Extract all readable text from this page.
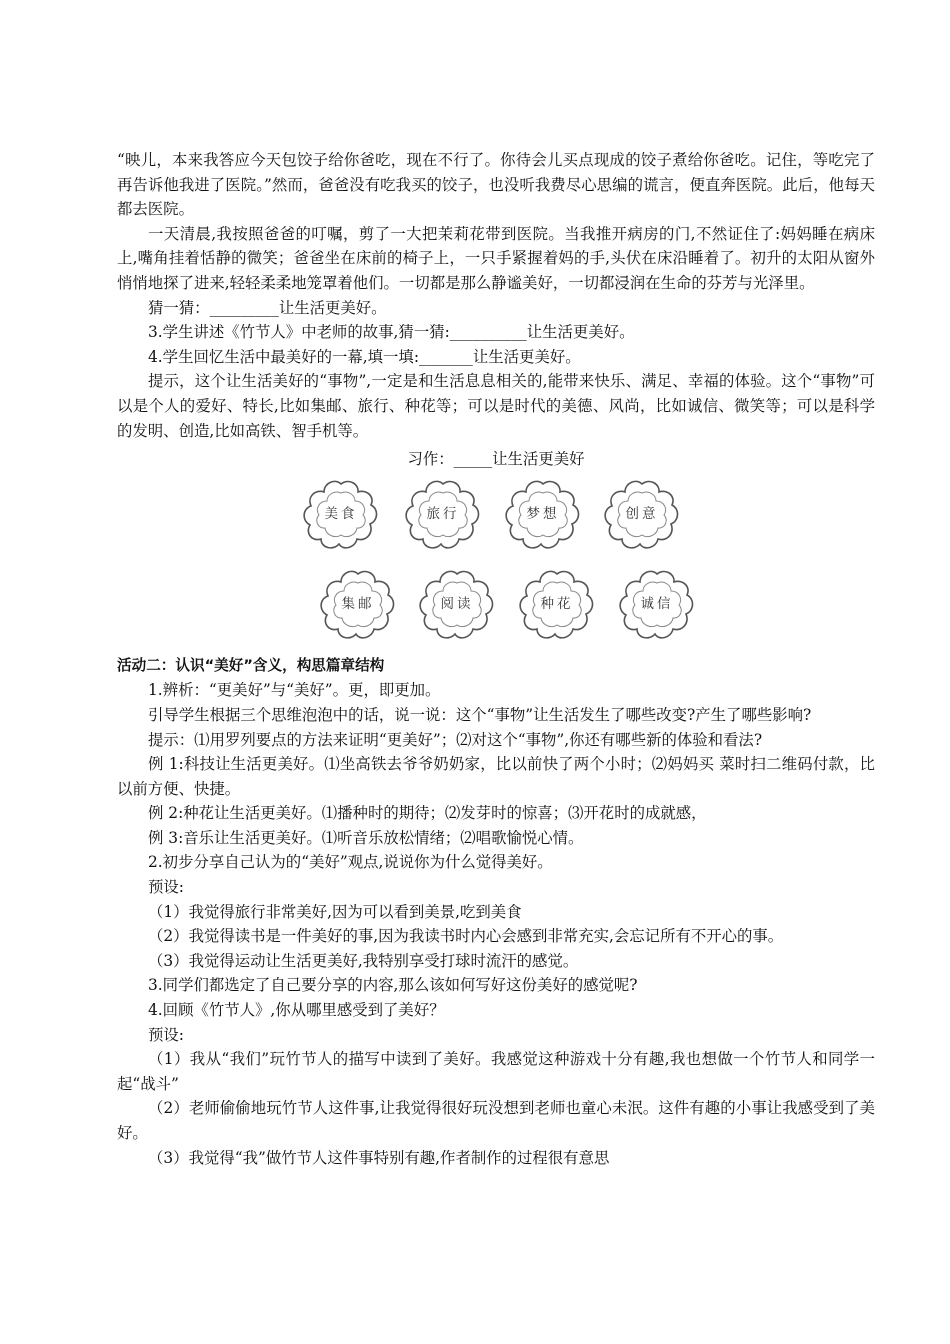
“映儿，本来我答应今天包饺子给你爸吃，现在不行了。你待会儿买点现成的饺子煮给你爸吃。记住，等吃完了再告诉他我进了医院。”然而，爸爸没有吃我买的饺子，也没听我费尽心思编的谎言，便直奔医院。此后，他每天都去医院。

一天清晨,我按照爸爸的叮嘱，剪了一大把茉莉花带到医院。当我推开病房的门,不然证住了:妈妈睡在病床上,嘴角挂着恬静的微笑；爸爸坐在床前的椅子上，一只手紧握着妈的手,头伏在床沿睡着了。初升的太阳从窗外悄悄地探了进来,轻轻柔柔地笼罩着他们。一切都是那么静谧美好，一切都浸润在生命的芬芳与光泽里。

猜一猜：_________让生活更美好。

3.学生讲述《竹节人》中老师的故事,猜一猜:__________让生活更美好。

4.学生回忆生活中最美好的一幕,填一填:_______让生活更美好。

提示，这个让生活美好的“事物”,一定是和生活息息相关的,能带来快乐、满足、幸福的体验。这个“事物”可以是个人的爱好、特长,比如集邮、旅行、种花等；可以是时代的美德、风尚，比如诚信、微笑等；可以是科学的发明、创造,比如高铁、智手机等。

习作：_____让生活更美好

美食	旅行	梦想	创意
集邮	阅读	种花	诚信

活动二：认识“美好”含义，构思篇章结构

1.辨析：“更美好”与“美好”。更，即更加。

引导学生根据三个思维泡泡中的话，说一说：这个“事物”让生活发生了哪些改变?产生了哪些影响?

提示：⑴用罗列要点的方法来证明“更美好”；⑵对这个“事物”,你还有哪些新的体验和看法?

例 1:科技让生活更美好。⑴坐高铁去爷爷奶奶家，比以前快了两个小时；⑵妈妈买 菜时扫二维码付款，比以前方便、快捷。

例 2:种花让生活更美好。⑴播种时的期待；⑵发芽时的惊喜；⑶开花时的成就感，

例 3:音乐让生活更美好。⑴听音乐放松情绪；⑵唱歌愉悦心情。

2.初步分享自己认为的“美好”观点,说说你为什么觉得美好。

预设:

（1）我觉得旅行非常美好,因为可以看到美景,吃到美食

（2）我觉得读书是一件美好的事,因为我读书时内心会感到非常充实,会忘记所有不开心的事。

（3）我觉得运动让生活更美好,我特别享受打球时流汗的感觉。

3.同学们都选定了自己要分享的内容,那么该如何写好这份美好的感觉呢?

4.回顾《竹节人》,你从哪里感受到了美好？

预设:

（1）我从“我们”玩竹节人的描写中读到了美好。我感觉这种游戏十分有趣,我也想做一个竹节人和同学一起“战斗”

（2）老师偷偷地玩竹节人这件事,让我觉得很好玩没想到老师也童心未泯。这件有趣的小事让我感受到了美好。

（3）我觉得“我”做竹节人这件事特别有趣,作者制作的过程很有意思
